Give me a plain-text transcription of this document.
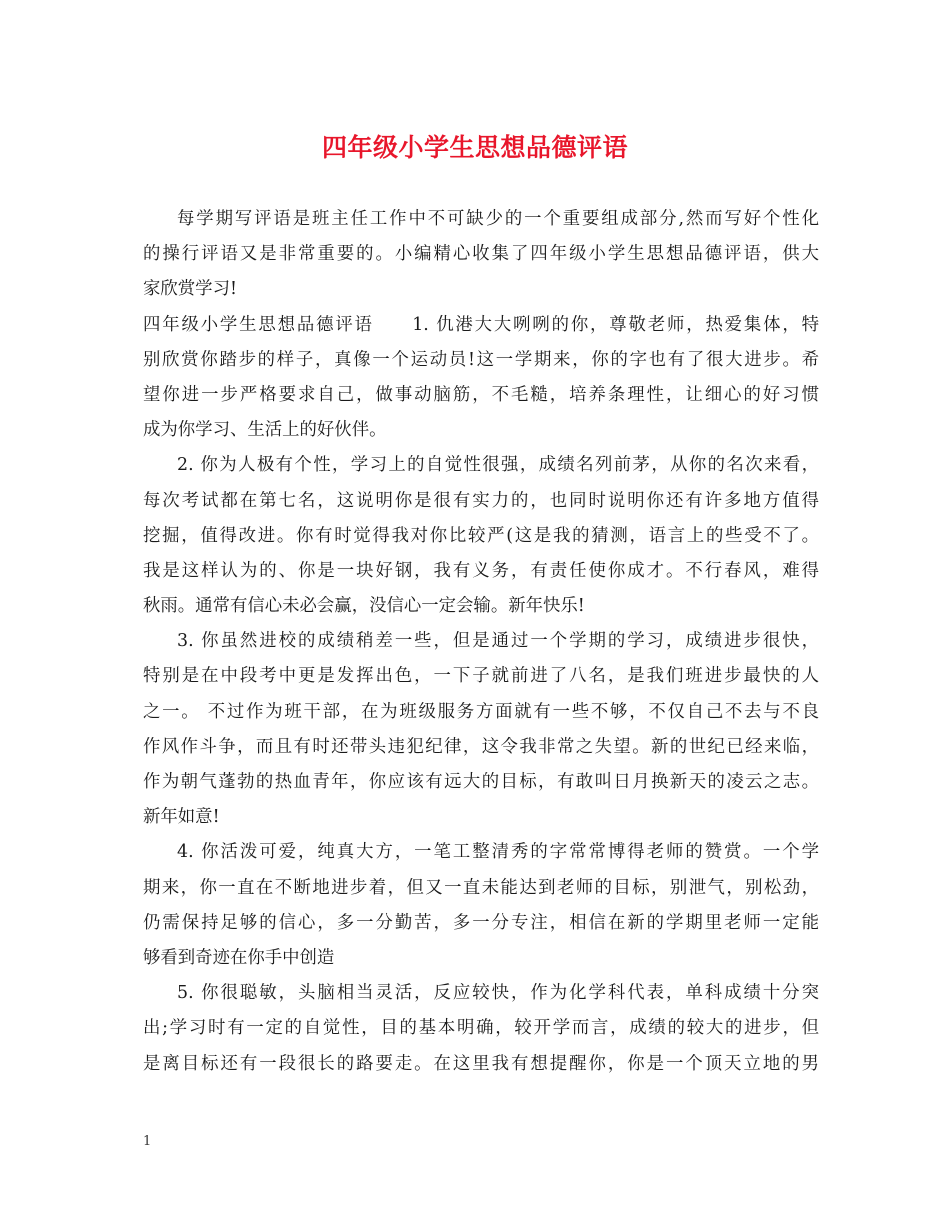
四年级小学生思想品德评语
每学期写评语是班主任工作中不可缺少的一个重要组成部分,然而写好个性化
的操行评语又是非常重要的。小编精心收集了四年级小学生思想品德评语，供大
家欣赏学习!
四年级小学生思想品德评语　　1. 仇港大大咧咧的你，尊敬老师，热爱集体，特
别欣赏你踏步的样子，真像一个运动员!这一学期来，你的字也有了很大进步。希
望你进一步严格要求自己，做事动脑筋，不毛糙，培养条理性，让细心的好习惯
成为你学习、生活上的好伙伴。
2. 你为人极有个性，学习上的自觉性很强，成绩名列前茅，从你的名次来看，
每次考试都在第七名，这说明你是很有实力的，也同时说明你还有许多地方值得
挖掘，值得改进。你有时觉得我对你比较严(这是我的猜测，语言上的些受不了。
我是这样认为的、你是一块好钢，我有义务，有责任使你成才。不行春风，难得
秋雨。通常有信心未必会赢，没信心一定会输。新年快乐!
3. 你虽然进校的成绩稍差一些，但是通过一个学期的学习，成绩进步很快，
特别是在中段考中更是发挥出色，一下子就前进了八名，是我们班进步最快的人
之一。 不过作为班干部，在为班级服务方面就有一些不够，不仅自己不去与不良
作风作斗争，而且有时还带头违犯纪律，这令我非常之失望。新的世纪已经来临，
作为朝气蓬勃的热血青年，你应该有远大的目标，有敢叫日月换新天的凌云之志。
新年如意!
4. 你活泼可爱，纯真大方，一笔工整清秀的字常常博得老师的赞赏。一个学
期来，你一直在不断地进步着，但又一直未能达到老师的目标，别泄气，别松劲，
仍需保持足够的信心，多一分勤苦，多一分专注，相信在新的学期里老师一定能
够看到奇迹在你手中创造
5. 你很聪敏，头脑相当灵活，反应较快，作为化学科代表，单科成绩十分突
出;学习时有一定的自觉性，目的基本明确，较开学而言，成绩的较大的进步，但
是离目标还有一段很长的路要走。在这里我有想提醒你，你是一个顶天立地的男
1
